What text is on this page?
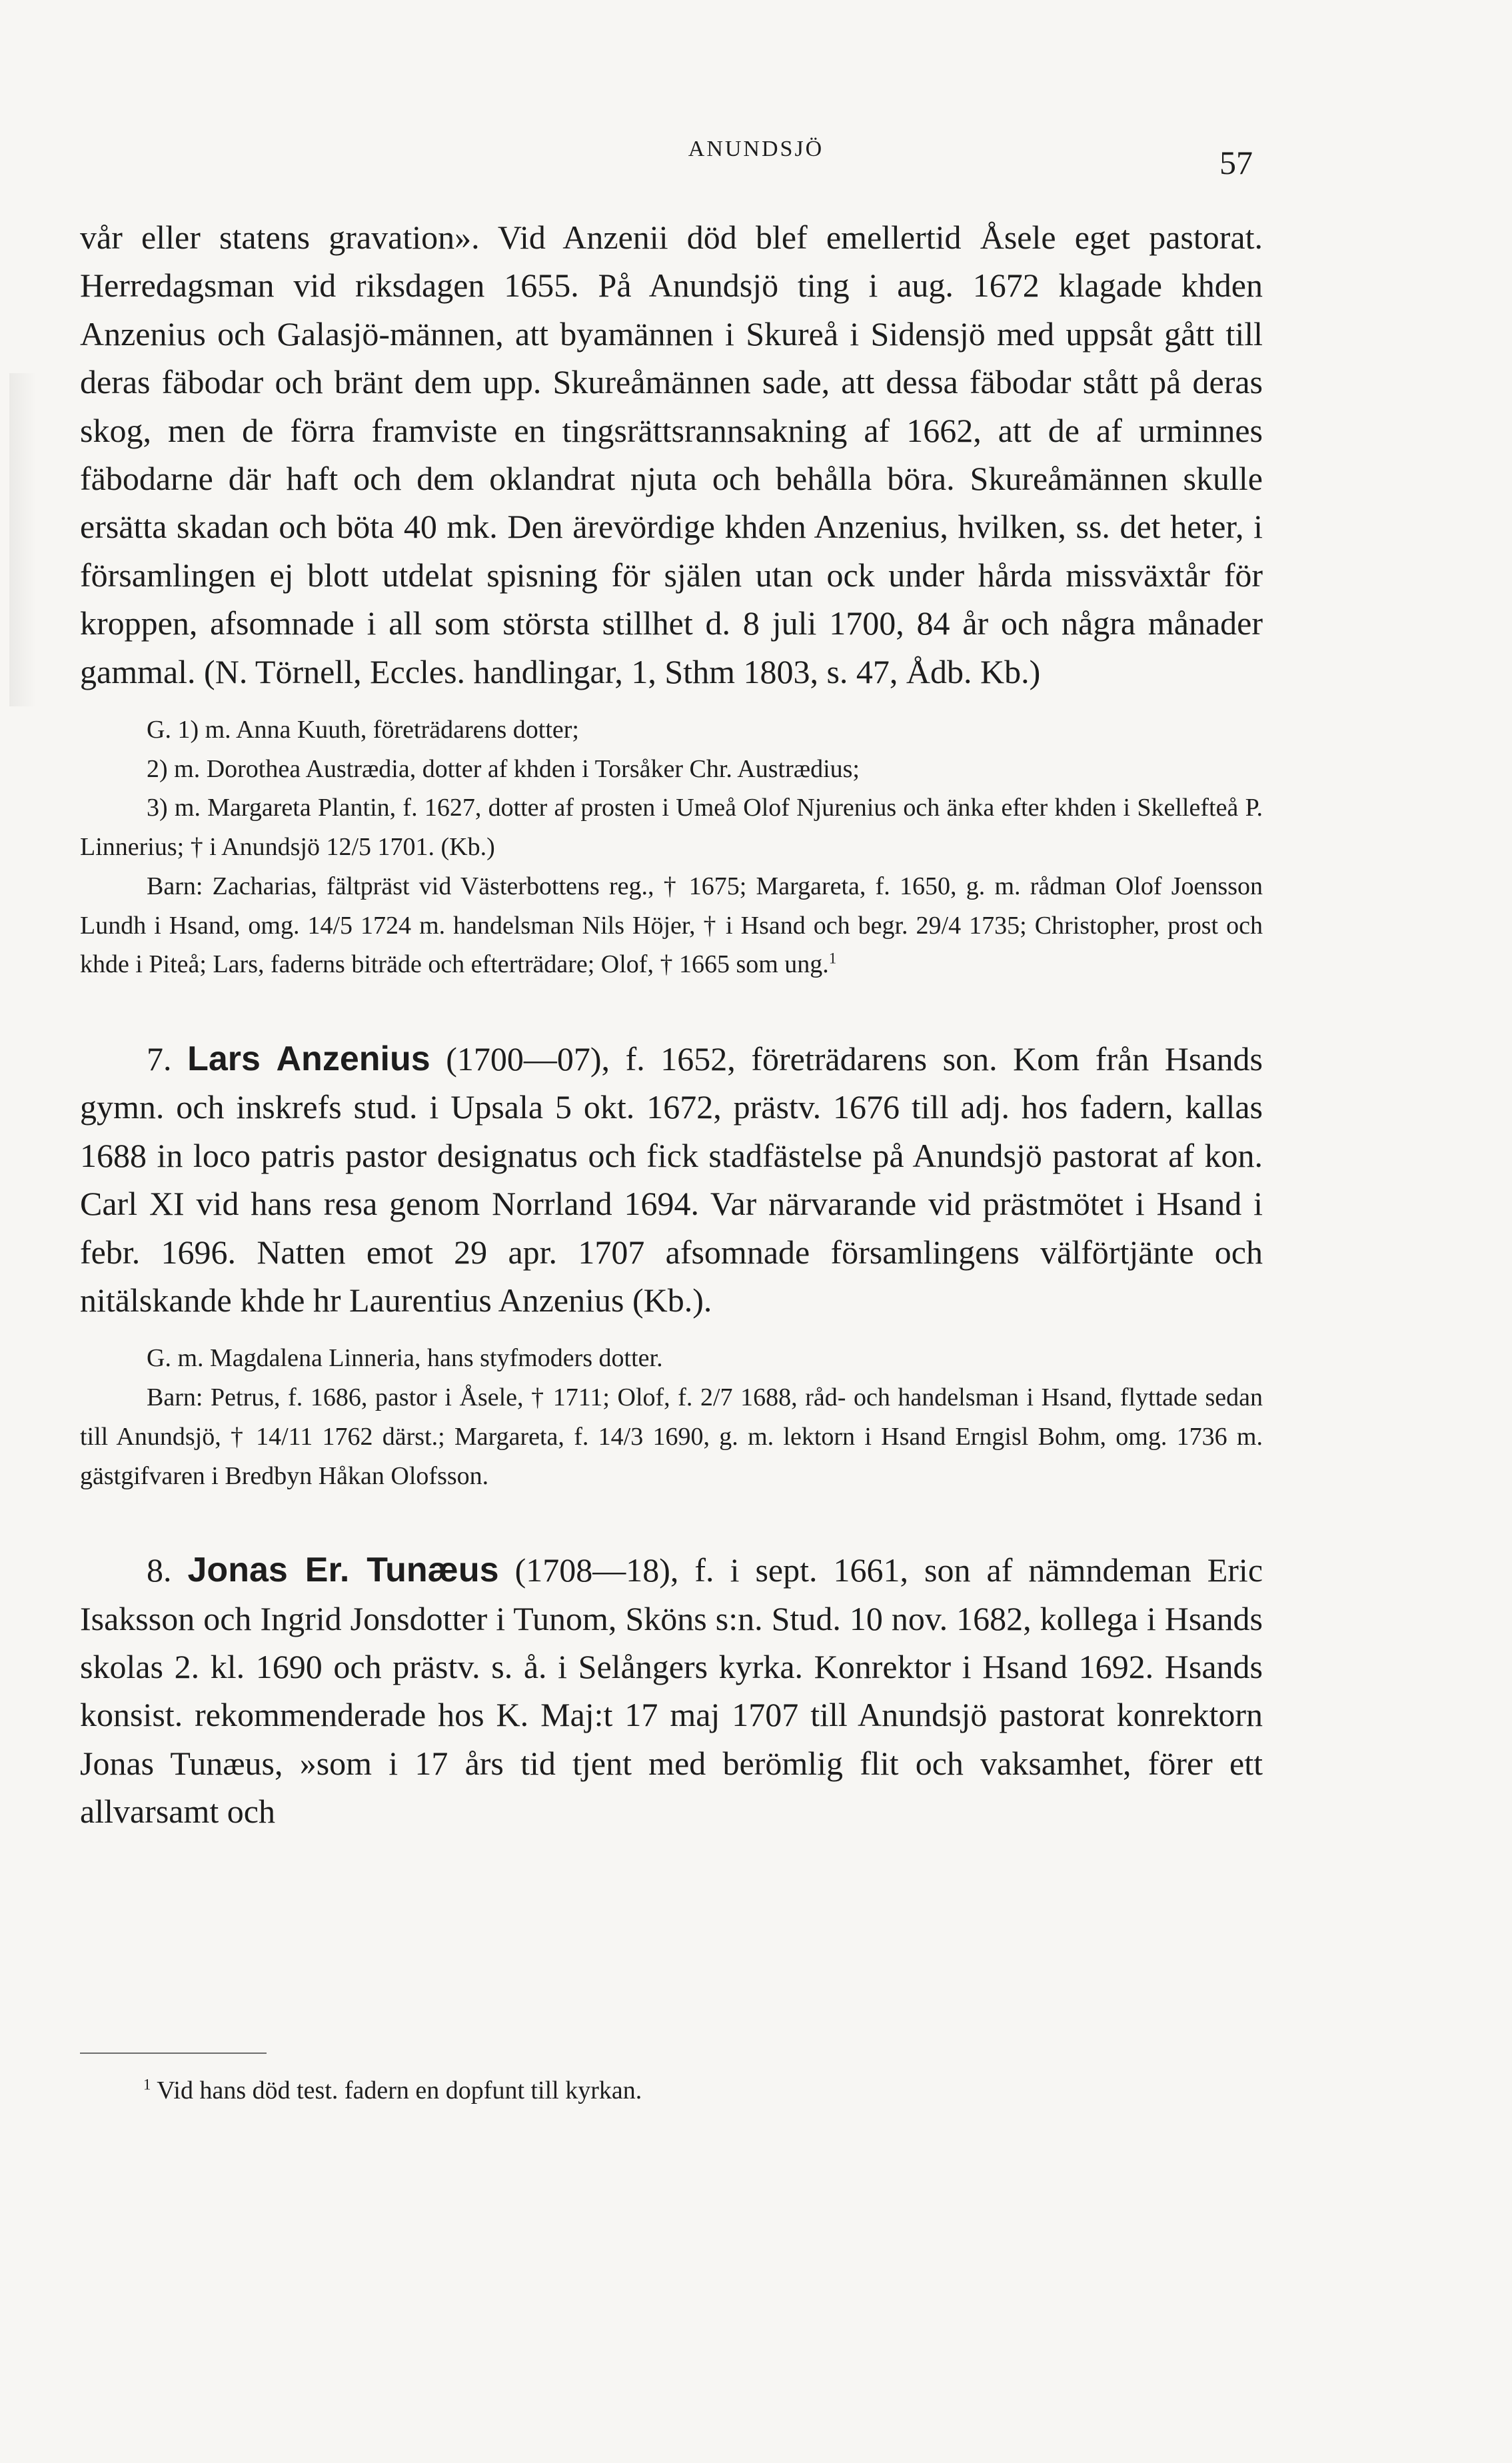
ANUNDSJÖ	57

vår eller statens gravation». Vid Anzenii död blef emellertid Åsele eget pastorat. Herredagsman vid riksdagen 1655. På Anundsjö ting i aug. 1672 klagade khden Anzenius och Galasjö-männen, att byamännen i Skureå i Sidensjö med uppsåt gått till deras fäbodar och bränt dem upp. Skureåmännen sade, att dessa fäbodar stått på deras skog, men de förra framviste en tingsrättsrannsakning af 1662, att de af urminnes fäbodarne där haft och dem oklandrat njuta och behålla böra. Skureåmännen skulle ersätta skadan och böta 40 mk. Den ärevördige khden Anzenius, hvilken, ss. det heter, i församlingen ej blott utdelat spisning för själen utan ock under hårda missväxtår för kroppen, afsomnade i all som största stillhet d. 8 juli 1700, 84 år och några månader gammal. (N. Törnell, Eccles. handlingar, 1, Sthm 1803, s. 47, Ådb. Kb.)

G. 1) m. Anna Kuuth, företrädarens dotter;

2) m. Dorothea Austrædia, dotter af khden i Torsåker Chr. Austrædius;

3) m. Margareta Plantin, f. 1627, dotter af prosten i Umeå Olof Njurenius och änka efter khden i Skellefteå P. Linnerius; † i Anundsjö 12/5 1701. (Kb.)

Barn: Zacharias, fältpräst vid Västerbottens reg., † 1675; Margareta, f. 1650, g. m. rådman Olof Joensson Lundh i Hsand, omg. 14/5 1724 m. handelsman Nils Höjer, † i Hsand och begr. 29/4 1735; Christopher, prost och khde i Piteå; Lars, faderns biträde och efterträdare; Olof, † 1665 som ung.$^1$

7. Lars Anzenius (1700—07), f. 1652, företrädarens son. Kom från Hsands gymn. och inskrefs stud. i Upsala 5 okt. 1672, prästv. 1676 till adj. hos fadern, kallas 1688 in loco patris pastor designatus och fick stadfästelse på Anundsjö pastorat af kon. Carl XI vid hans resa genom Norrland 1694. Var närvarande vid prästmötet i Hsand i febr. 1696. Natten emot 29 apr. 1707 afsomnade församlingens välförtjänte och nitälskande khde hr Laurentius Anzenius (Kb.).

G. m. Magdalena Linneria, hans styfmoders dotter.

Barn: Petrus, f. 1686, pastor i Åsele, † 1711; Olof, f. 2/7 1688, råd- och handelsman i Hsand, flyttade sedan till Anundsjö, † 14/11 1762 därst.; Margareta, f. 14/3 1690, g. m. lektorn i Hsand Erngisl Bohm, omg. 1736 m. gästgifvaren i Bredbyn Håkan Olofsson.

8. Jonas Er. Tunæus (1708—18), f. i sept. 1661, son af nämndeman Eric Isaksson och Ingrid Jonsdotter i Tunom, Sköns s:n. Stud. 10 nov. 1682, kollega i Hsands skolas 2. kl. 1690 och prästv. s. å. i Selångers kyrka. Konrektor i Hsand 1692. Hsands konsist. rekommenderade hos K. Maj:t 17 maj 1707 till Anundsjö pastorat konrektorn Jonas Tunæus, »som i 17 års tid tjent med berömlig flit och vaksamhet, förer ett allvarsamt och

$^1$ Vid hans död test. fadern en dopfunt till kyrkan.
